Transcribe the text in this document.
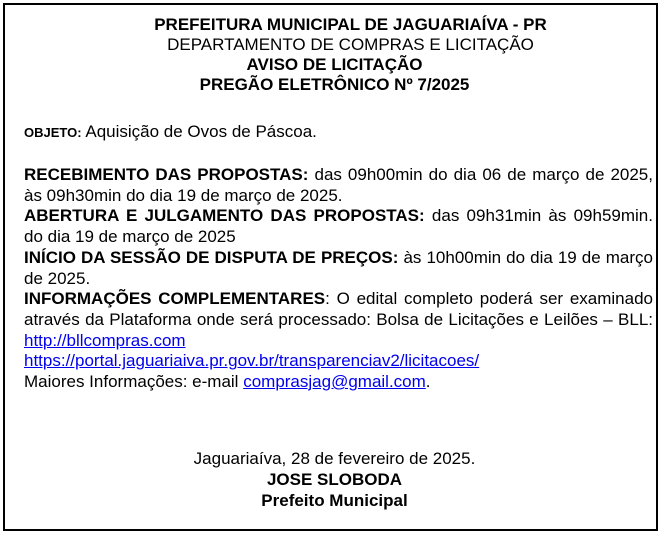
PREFEITURA MUNICIPAL DE JAGUARIAÍVA - PR
DEPARTAMENTO DE COMPRAS E LICITAÇÃO
AVISO DE LICITAÇÃO
PREGÃO ELETRÔNICO Nº 7/2025
OBJETO: Aquisição de Ovos de Páscoa.

RECEBIMENTO DAS PROPOSTAS: das 09h00min do dia 06 de março de 2025, às 09h30min do dia 19 de março de 2025.

ABERTURA E JULGAMENTO DAS PROPOSTAS: das 09h31min às 09h59min. do dia 19 de março de 2025

INÍCIO DA SESSÃO DE DISPUTA DE PREÇOS: às 10h00min do dia 19 de março de 2025.

INFORMAÇÕES COMPLEMENTARES: O edital completo poderá ser examinado através da Plataforma onde será processado: Bolsa de Licitações e Leilões – BLL: http://bllcompras.com

https://portal.jaguariaiva.pr.gov.br/transparenciav2/licitacoes/

Maiores Informações: e-mail comprasjag@gmail.com.

Jaguariaíva, 28 de fevereiro de 2025.
JOSE SLOBODA
Prefeito Municipal
